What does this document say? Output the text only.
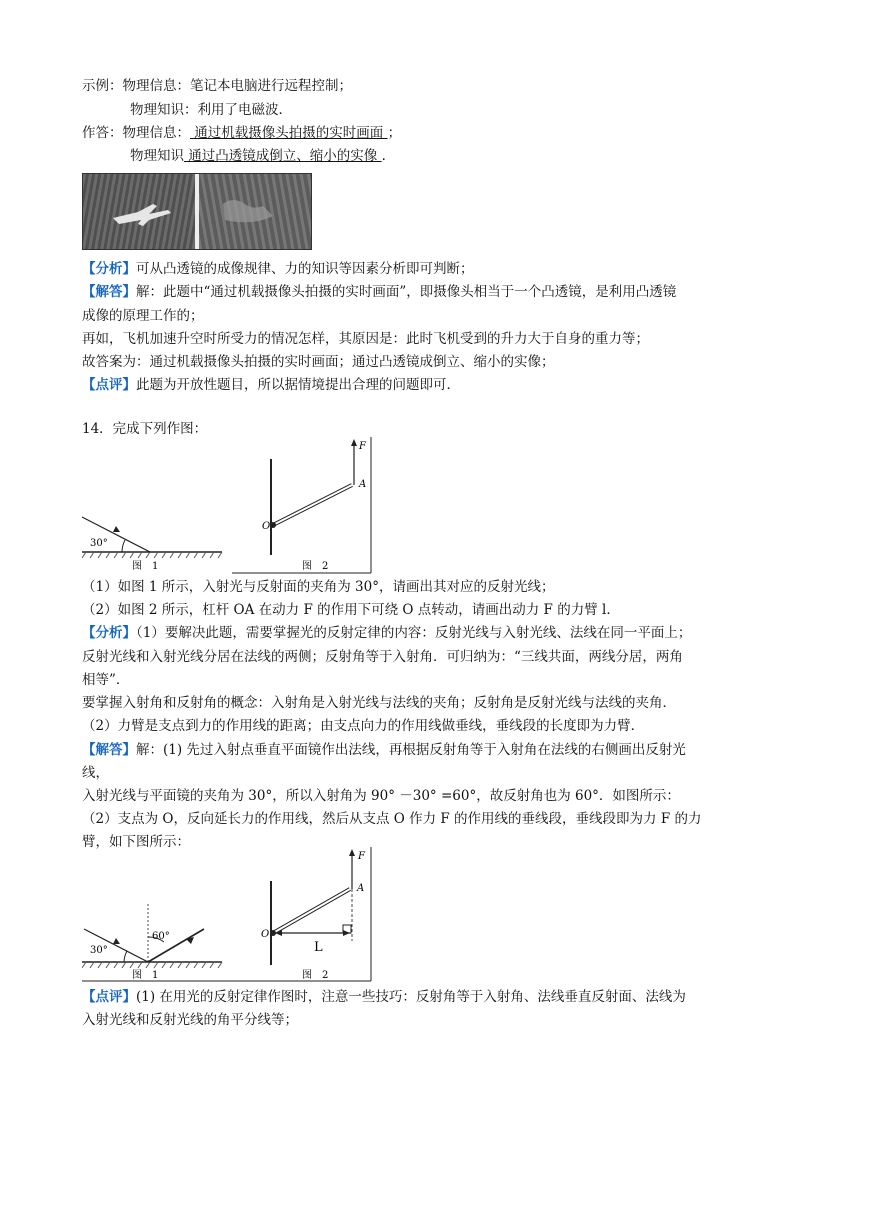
示例：物理信息：笔记本电脑进行远程控制；
物理知识：利用了电磁波．
作答：物理信息： 通过机载摄像头拍摄的实时画面 ；
物理知识 通过凸透镜成倒立、缩小的实像 ．
【分析】可从凸透镜的成像规律、力的知识等因素分析即可判断；
【解答】解：此题中“通过机载摄像头拍摄的实时画面”，即摄像头相当于一个凸透镜，是利用凸透镜
成像的原理工作的；
再如，飞机加速升空时所受力的情况怎样，其原因是：此时飞机受到的升力大于自身的重力等；
故答案为：通过机载摄像头拍摄的实时画面；通过凸透镜成倒立、缩小的实像；
【点评】此题为开放性题目，所以据情境提出合理的问题即可．
14．完成下列作图：
30°
图　1
O
A
F
图　2
（1）如图 1 所示，入射光与反射面的夹角为 30°，请画出其对应的反射光线；
（2）如图 2 所示，杠杆 OA 在动力 F 的作用下可绕 O 点转动，请画出动力 F 的力臂 l．
【分析】（1）要解决此题，需要掌握光的反射定律的内容：反射光线与入射光线、法线在同一平面上；
反射光线和入射光线分居在法线的两侧；反射角等于入射角．可归纳为：“三线共面，两线分居，两角
相等”．
要掌握入射角和反射角的概念：入射角是入射光线与法线的夹角；反射角是反射光线与法线的夹角．
（2）力臂是支点到力的作用线的距离；由支点向力的作用线做垂线，垂线段的长度即为力臂．
【解答】解：(1) 先过入射点垂直平面镜作出法线，再根据反射角等于入射角在法线的右侧画出反射光
线，
入射光线与平面镜的夹角为 30°，所以入射角为 90° －30° =60°，故反射角也为 60°．如图所示：
（2）支点为 O，反向延长力的作用线，然后从支点 O 作力 F 的作用线的垂线段，垂线段即为力 F 的力
臂，如下图所示：
30°
60°
图　1
O
A
F
L
图　2
【点评】(1) 在用光的反射定律作图时，注意一些技巧：反射角等于入射角、法线垂直反射面、法线为
入射光线和反射光线的角平分线等；
